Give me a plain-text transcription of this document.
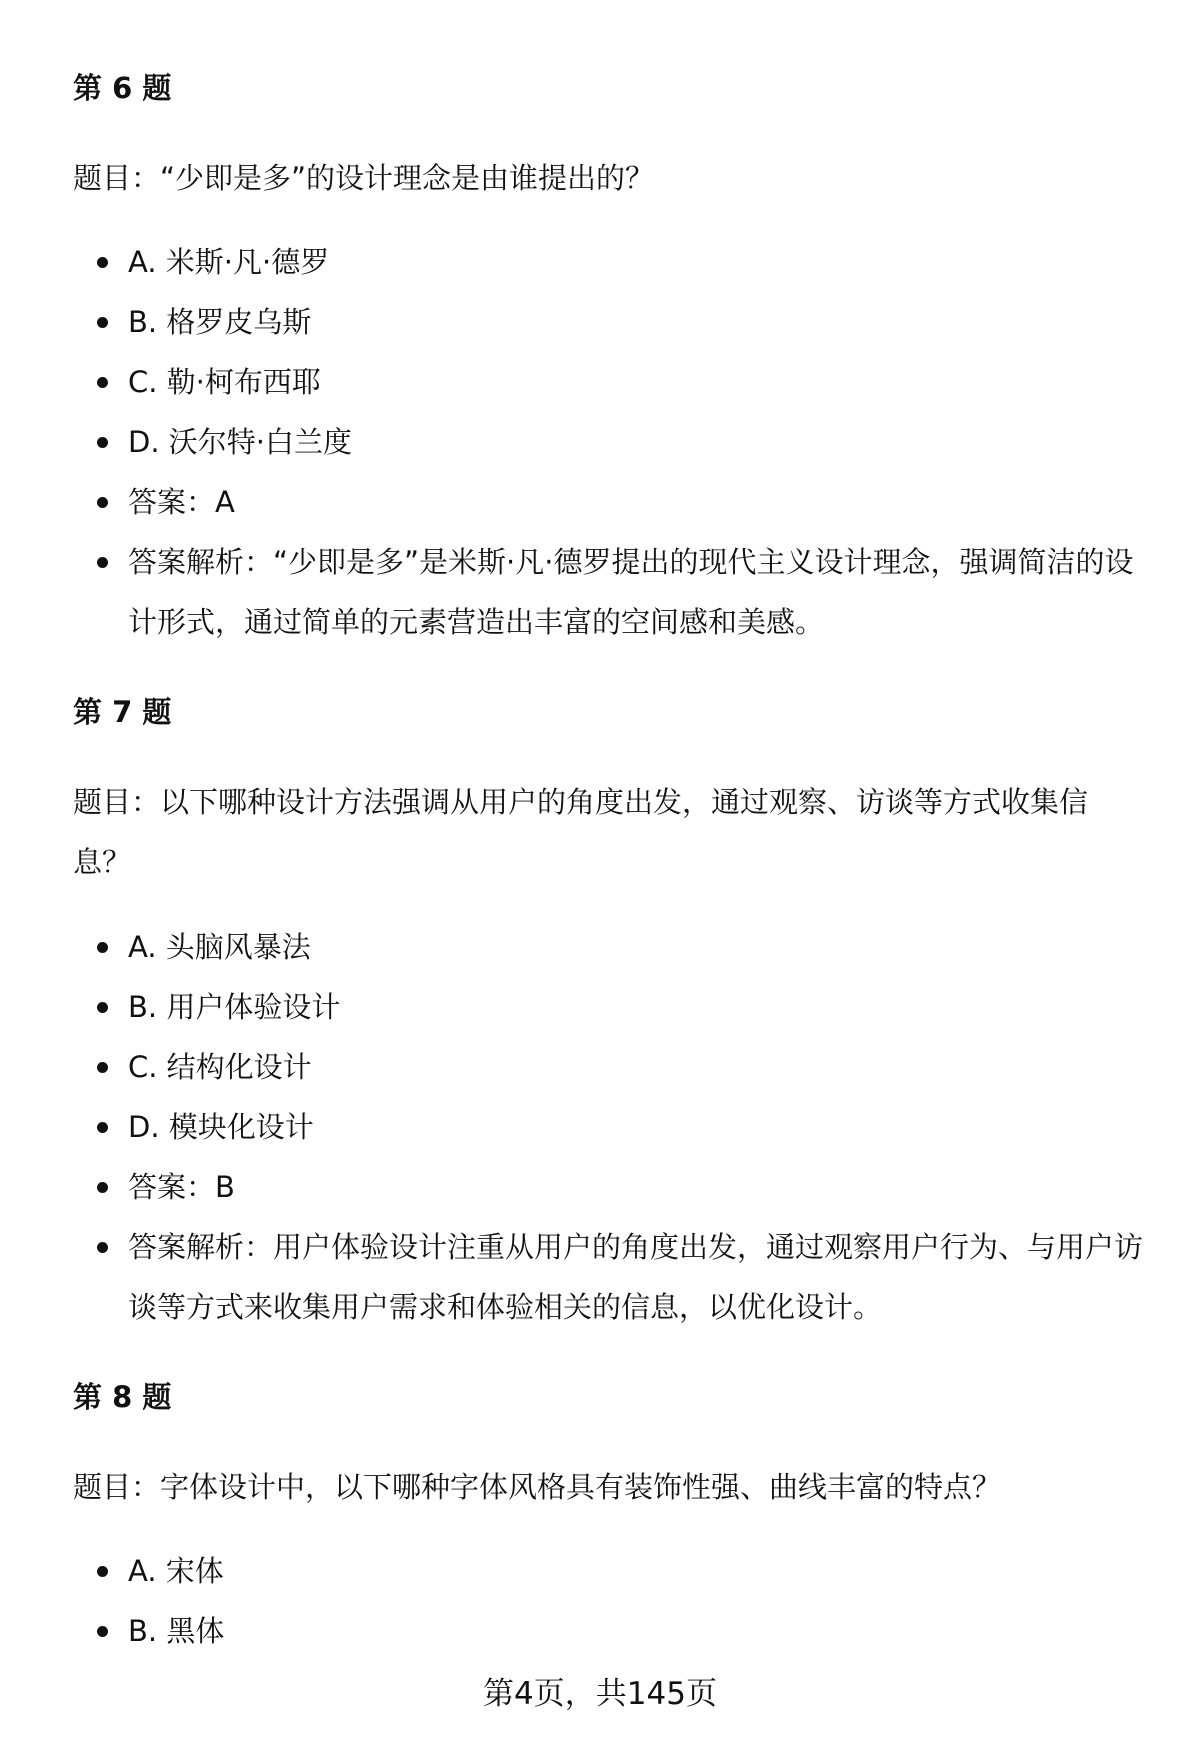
第 6 题

题目：“少即是多”的设计理念是由谁提出的？

A. 米斯·凡·德罗
B. 格罗皮乌斯
C. 勒·柯布西耶
D. 沃尔特·白兰度
答案：A
答案解析：“少即是多”是米斯·凡·德罗提出的现代主义设计理念，强调简洁的设计形式，通过简单的元素营造出丰富的空间感和美感。
第 7 题

题目：以下哪种设计方法强调从用户的角度出发，通过观察、访谈等方式收集信息？

A. 头脑风暴法
B. 用户体验设计
C. 结构化设计
D. 模块化设计
答案：B
答案解析：用户体验设计注重从用户的角度出发，通过观察用户行为、与用户访谈等方式来收集用户需求和体验相关的信息，以优化设计。
第 8 题

题目：字体设计中，以下哪种字体风格具有装饰性强、曲线丰富的特点？

A. 宋体
B. 黑体
第4页，共145页
